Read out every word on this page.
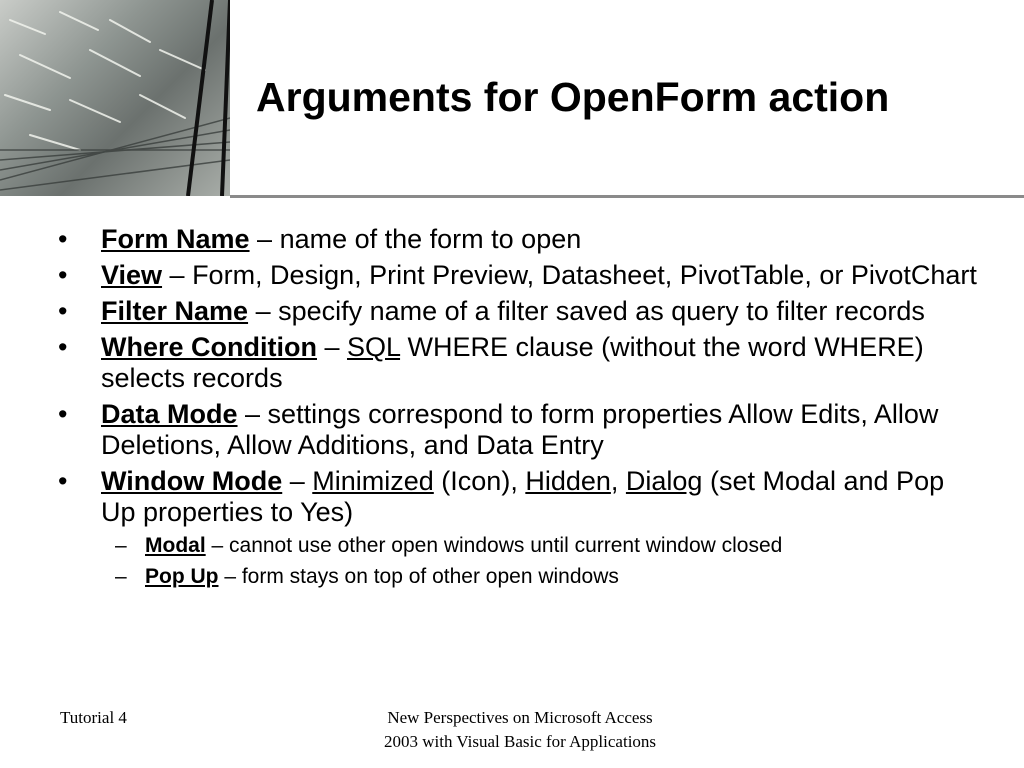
Arguments for OpenForm action
•	Form Name – name of the form to open
•	View – Form, Design, Print Preview, Datasheet, PivotTable, or PivotChart
•	Filter Name – specify name of a filter saved as query to filter records
•	Where Condition – SQL WHERE clause (without the word WHERE) selects records
•	Data Mode – settings correspond to form properties Allow Edits, Allow Deletions, Allow Additions, and Data Entry
•	Window Mode – Minimized (Icon), Hidden, Dialog (set Modal and Pop Up properties to Yes)
– Modal – cannot use other open windows until current window closed
– Pop Up – form stays on top of other open windows
Tutorial 4	New Perspectives on Microsoft Access
2003 with Visual Basic for Applications
